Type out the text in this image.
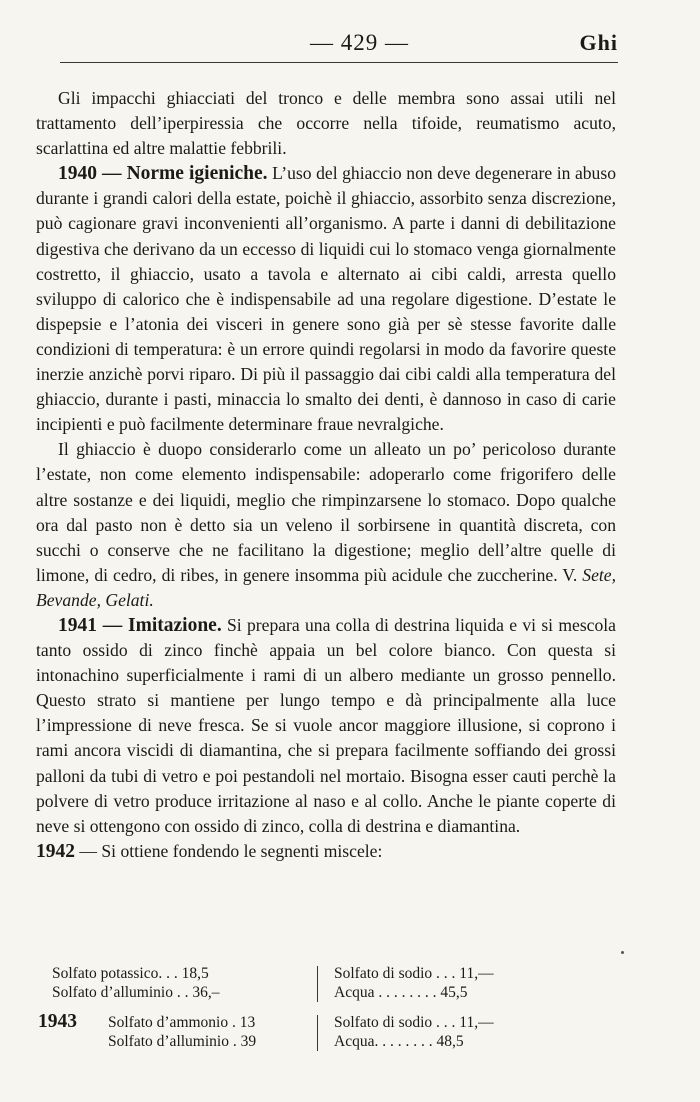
— 429 —	Ghi

Gli impacchi ghiacciati del tronco e delle membra sono assai utili nel trattamento dell’iperpiressia che occorre nella tifoide, reumatismo acuto, scarlattina ed altre malattie febbrili.

1940 — Norme igieniche. L’uso del ghiaccio non deve degenerare in abuso durante i grandi calori della estate, poichè il ghiaccio, assorbito senza discrezione, può cagionare gravi inconvenienti all’organismo. A parte i danni di debilitazione digestiva che derivano da un eccesso di liquidi cui lo stomaco venga giornalmente costretto, il ghiaccio, usato a tavola e alternato ai cibi caldi, arresta quello sviluppo di calorico che è indispensabile ad una regolare digestione. D’estate le dispepsie e l’atonia dei visceri in genere sono già per sè stesse favorite dalle condizioni di temperatura: è un errore quindi regolarsi in modo da favorire queste inerzie anzichè porvi riparo. Di più il passaggio dai cibi caldi alla temperatura del ghiaccio, durante i pasti, minaccia lo smalto dei denti, è dannoso in caso di carie incipienti e può facilmente determinare fraue nevralgiche.

Il ghiaccio è duopo considerarlo come un alleato un po’ pericoloso durante l’estate, non come elemento indispensabile: adoperarlo come frigorifero delle altre sostanze e dei liquidi, meglio che rimpinzarsene lo stomaco. Dopo qualche ora dal pasto non è detto sia un veleno il sorbirsene in quantità discreta, con succhi o conserve che ne facilitano la digestione; meglio dell’altre quelle di limone, di cedro, di ribes, in genere insomma più acidule che zuccherine. V. Sete, Bevande, Gelati.

1941 — Imitazione. Si prepara una colla di destrina liquida e vi si mescola tanto ossido di zinco finchè appaia un bel colore bianco. Con questa si intonachino superficialmente i rami di un albero mediante un grosso pennello. Questo strato si mantiene per lungo tempo e dà principalmente alla luce l’impressione di neve fresca. Se si vuole ancor maggiore illusione, si coprono i rami ancora viscidi di diamantina, che si prepara facilmente soffiando dei grossi palloni da tubi di vetro e poi pestandoli nel mortaio. Bisogna esser cauti perchè la polvere di vetro produce irritazione al naso e al collo. Anche le piante coperte di neve si ottengono con ossido di zinco, colla di destrina e diamantina.

1942 — Si ottiene fondendo le segnenti miscele:

Solfato potassico. . . 18,5
Solfato d’alluminio . . 36,–
Solfato di sodio . . . 11,—
Acqua . . . . . . . . 45,5
1943 Solfato d’ammonio . 13
Solfato d’alluminio . 39
Solfato di sodio . . . 11,—
Acqua. . . . . . . . 48,5
